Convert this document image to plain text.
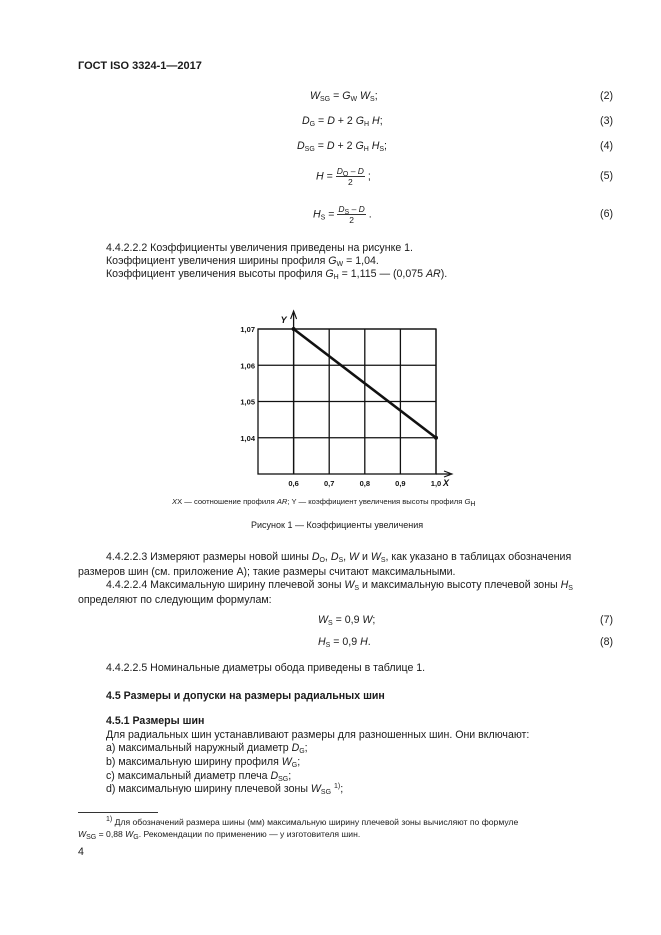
ГОСТ ISO 3324-1—2017
$W_{SG} = G_W$ $W_S$;	(2)
$D_G = D + 2$ $G_H$ H;	(3)
$D_{SG} = D + 2$ $G_H$ $H_S$;	(4)
$H = \frac{D_O - D}{2}$ ;	(5)
$H_S = \frac{D_S - D}{2}$ .	(6)
4.4.2.2.2 Коэффициенты увеличения приведены на рисунке 1.
Коэффициент увеличения ширины профиля $G_W = 1,04$.
Коэффициент увеличения высоты профиля $G_H = 1,115$ — (0,075 AR).
0,6	0,7	0,8	0,9	1,0
1,07
1,06
1,05
1,04
Y
X
XX — соотношение профиля AR; Y — коэффициент увеличения высоты профиля $G_H$
Рисунок 1 — Коэффициенты увеличения
4.4.2.2.3 Измеряют размеры новой шины $D_O$, $D_S$, W и $W_S$, как указано в таблицах обозначения
размеров шин (см. приложение А); такие размеры считают максимальными.
4.4.2.2.4 Максимальную ширину плечевой зоны $W_S$ и максимальную высоту плечевой зоны $H_S$
определяют по следующим формулам:
$W_S = 0,9$ W;	(7)
$H_S = 0,9$ H.	(8)
4.4.2.2.5 Номинальные диаметры обода приведены в таблице 1.
4.5 Размеры и допуски на размеры радиальных шин
4.5.1 Размеры шин
Для радиальных шин устанавливают размеры для разношенных шин. Они включают:
а) максимальный наружный диаметр $D_G$;
b) максимальную ширину профиля $W_G$;
c) максимальный диаметр плеча $D_{SG}$;
d) максимальную ширину плечевой зоны $W_{SG}$ $^{1)}$;
$^{1)}$ Для обозначений размера шины (мм) максимальную ширину плечевой зоны вычисляют по формуле
$W_{SG} = 0,88$ $W_G$. Рекомендации по применению — у изготовителя шин.
4
